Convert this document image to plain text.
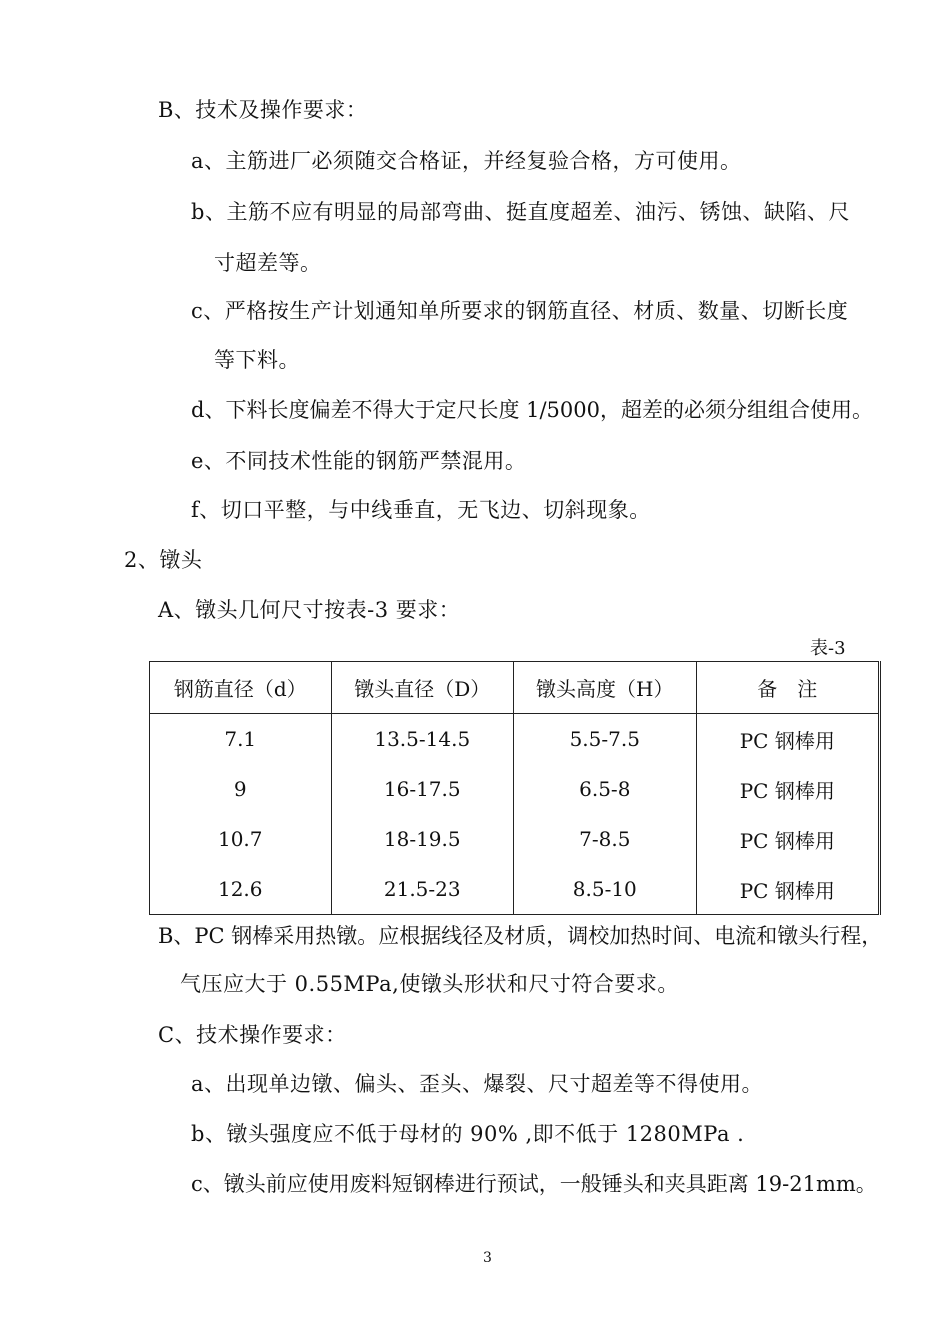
B、技术及操作要求：
a、主筋进厂必须随交合格证，并经复验合格，方可使用。
b、主筋不应有明显的局部弯曲、挺直度超差、油污、锈蚀、缺陷、尺
寸超差等。
c、严格按生产计划通知单所要求的钢筋直径、材质、数量、切断长度
等下料。
d、下料长度偏差不得大于定尺长度 1/5000，超差的必须分组组合使用。
e、不同技术性能的钢筋严禁混用。
f、切口平整，与中线垂直，无飞边、切斜现象。
2、镦头
A、镦头几何尺寸按表-3 要求：
表-3
钢筋直径（d）	镦头直径（D）	镦头高度（H）	备　注
7.1	13.5-14.5	5.5-7.5	PC 钢棒用
9	16-17.5	6.5-8	PC 钢棒用
10.7	18-19.5	7-8.5	PC 钢棒用
12.6	21.5-23	8.5-10	PC 钢棒用
B、PC 钢棒采用热镦。应根据线径及材质，调校加热时间、电流和镦头行程，
气压应大于 0.55MPa,使镦头形状和尺寸符合要求。
C、技术操作要求：
a、出现单边镦、偏头、歪头、爆裂、尺寸超差等不得使用。
b、镦头强度应不低于母材的 90% ,即不低于 1280MPa .
c、镦头前应使用废料短钢棒进行预试，一般锤头和夹具距离 19-21mm。
3
